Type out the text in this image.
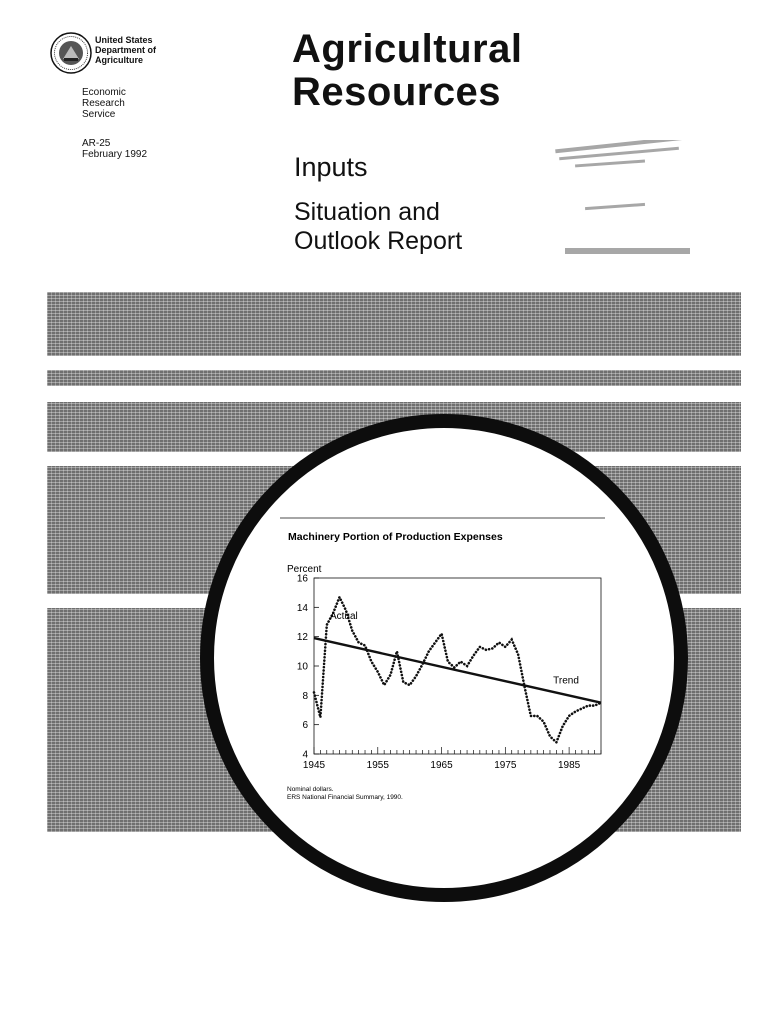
United States
Department of
Agriculture
Economic
Research
Service
AR-25
February 1992
Agricultural
Resources
Inputs
Situation and
Outlook Report
Machinery Portion of Production Expenses
Percent
4
6
8
10
12
14
16
1945	1955	1965	1975	1985
Actual
Trend
Nominal dollars.
ERS National Financial Summary, 1990.
